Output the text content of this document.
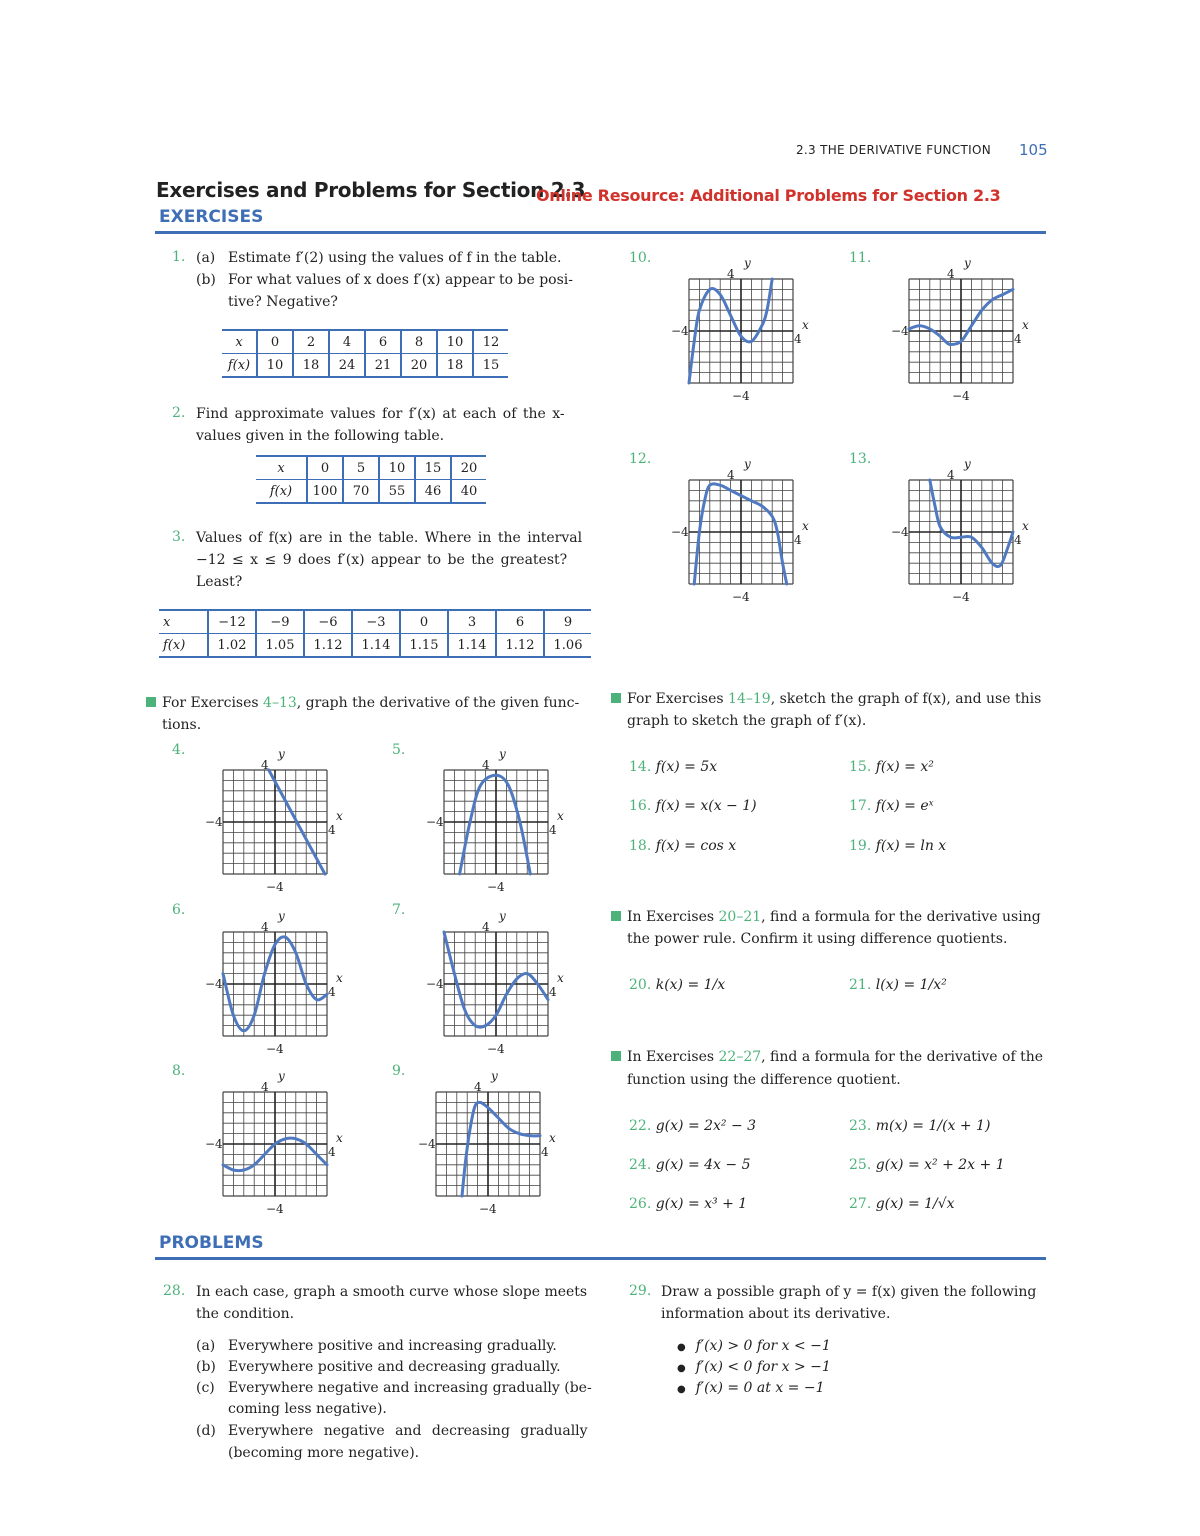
2.3 THE DERIVATIVE FUNCTION 105
Exercises and Problems for Section 2.3
Online Resource: Additional Problems for Section 2.3
EXERCISES
1. (a) Estimate f′(2) using the values of f in the table.
(b) For what values of x does f′(x) appear to be posi-
tive? Negative?
x	0	2	4	6	8	10	12
f(x)	10	18	24	21	20	18	15
2. Find approximate values for f′(x) at each of the x-
values given in the following table.
x	0	5	10	15	20
f(x)	100	70	55	46	40
3. Values of f(x) are in the table. Where in the interval
−12 ≤ x ≤ 9 does f′(x) appear to be the greatest?
Least?
x	−12	−9	−6	−3	0	3	6	9
f(x)	1.02	1.05	1.12	1.14	1.15	1.14	1.12	1.06
For Exercises 4–13, graph the derivative of the given func-
tions.
For Exercises 14–19, sketch the graph of f(x), and use this
graph to sketch the graph of f′(x).
14. f(x) = 5x	15. f(x) = x²
16. f(x) = x(x − 1)	17. f(x) = eˣ
18. f(x) = cos x	19. f(x) = ln x
In Exercises 20–21, find a formula for the derivative using
the power rule. Confirm it using difference quotients.
20. k(x) = 1/x	21. l(x) = 1/x²
In Exercises 22–27, find a formula for the derivative of the
function using the difference quotient.
22. g(x) = 2x² − 3	23. m(x) = 1/(x + 1)
24. g(x) = 4x − 5	25. g(x) = x² + 2x + 1
26. g(x) = x³ + 1	27. g(x) = 1/√x
PROBLEMS
28. In each case, graph a smooth curve whose slope meets
the condition.
(a) Everywhere positive and increasing gradually.
(b) Everywhere positive and decreasing gradually.
(c) Everywhere negative and increasing gradually (be-
coming less negative).
(d) Everywhere negative and decreasing gradually
(becoming more negative).
29. Draw a possible graph of y = f(x) given the following
information about its derivative.
● f′(x) > 0 for x < −1
● f′(x) < 0 for x > −1
● f′(x) = 0 at x = −1
4.	y
4
x
4
−4
−4
5.	y
4
x
4
−4
−4
6.	y
4
x
4
−4
−4
7.	y
4
x
4
−4
−4
8.	y
4
x
4
−4
−4
9.	y
4
x
4
−4
−4
10.	y
4
x
4
−4
−4
11.	y
4
x
4
−4
−4
12.	y
4
x
4
−4
−4
13.	y
4
x
4
−4
−4
